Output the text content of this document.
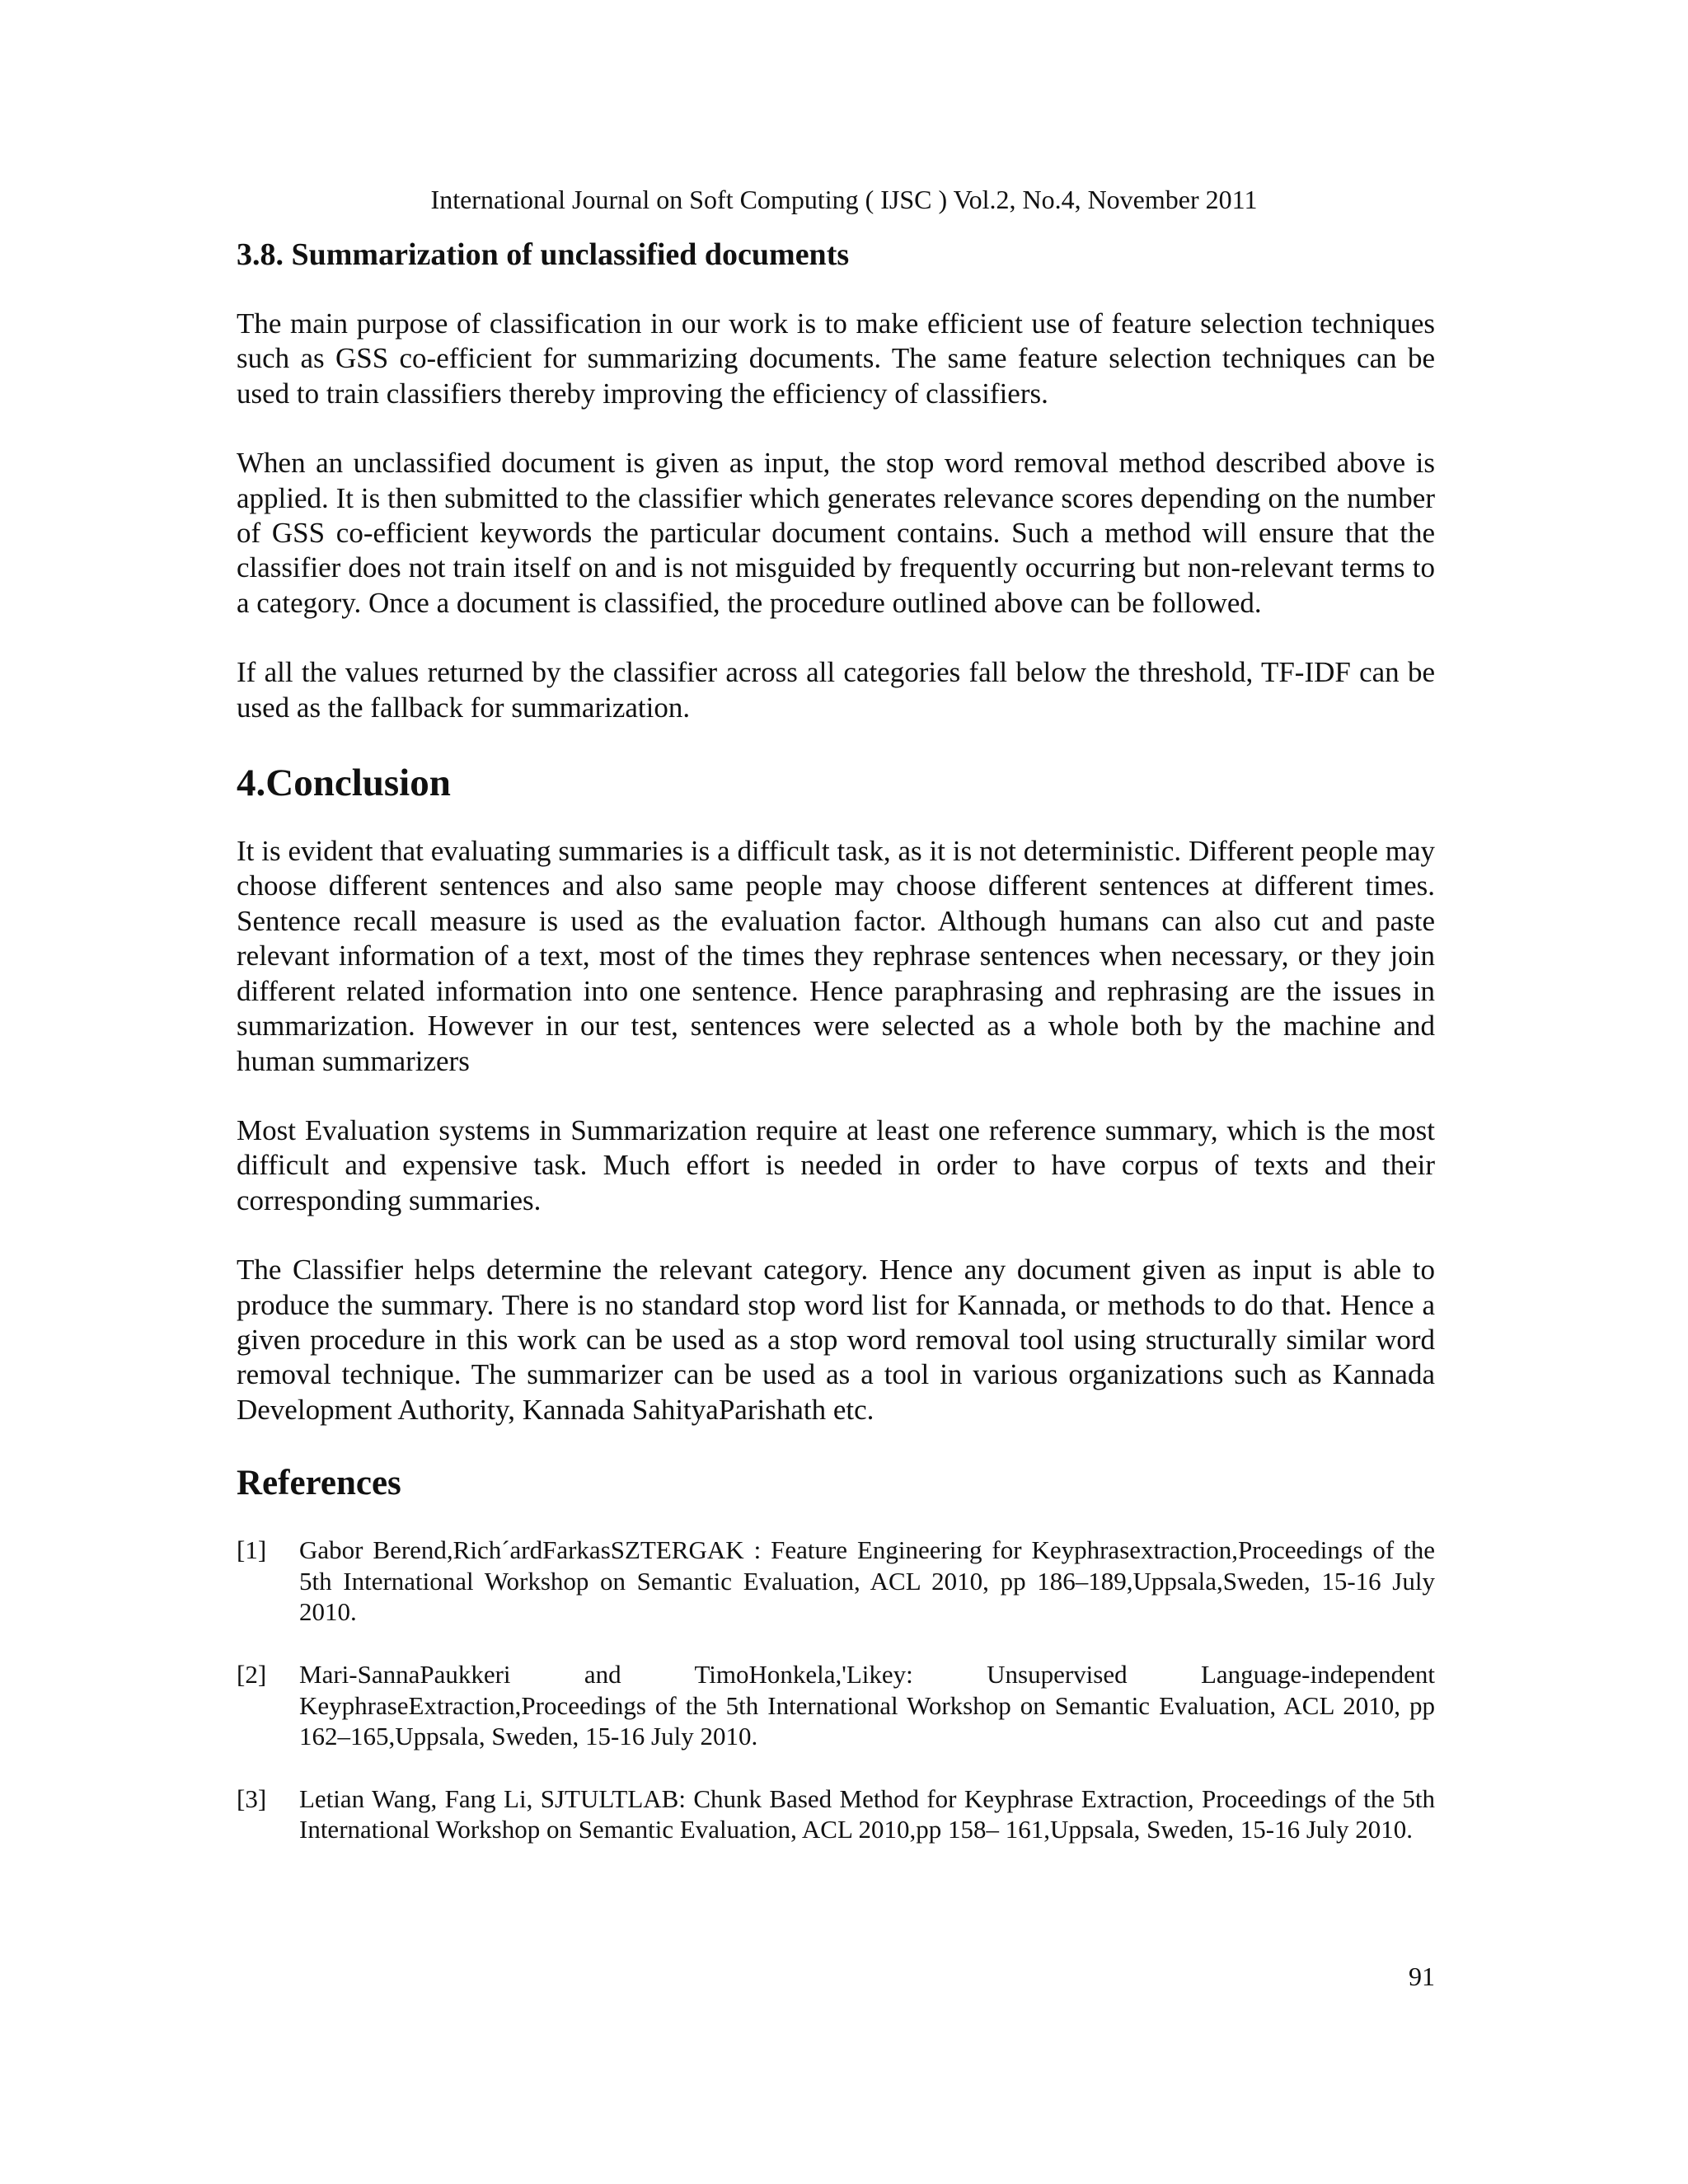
International Journal on Soft Computing ( IJSC ) Vol.2, No.4, November 2011
3.8. Summarization of unclassified documents

The main purpose of classification in our work is to make efficient use of feature selection techniques such as GSS co-efficient for summarizing documents. The same feature selection techniques can be used to train classifiers thereby improving the efficiency of classifiers.

When an unclassified document is given as input, the stop word removal method described above is applied. It is then submitted to the classifier which generates relevance scores depending on the number of GSS co-efficient keywords the particular document contains. Such a method will ensure that the classifier does not train itself on and is not misguided by frequently occurring but non-relevant terms to a category. Once a document is classified, the procedure outlined above can be followed.

If all the values returned by the classifier across all categories fall below the threshold, TF-IDF can be used as the fallback for summarization.

4.Conclusion

It is evident that evaluating summaries is a difficult task, as it is not deterministic. Different people may choose different sentences and also same people may choose different sentences at different times. Sentence recall measure is used as the evaluation factor. Although humans can also cut and paste relevant information of a text, most of the times they rephrase sentences when necessary, or they join different related information into one sentence. Hence paraphrasing and rephrasing are the issues in summarization. However in our test, sentences were selected as a whole both by the machine and human summarizers

Most Evaluation systems in Summarization require at least one reference summary, which is the most difficult and expensive task. Much effort is needed in order to have corpus of texts and their corresponding summaries.

The Classifier helps determine the relevant category. Hence any document given as input is able to produce the summary. There is no standard stop word list for Kannada, or methods to do that. Hence a given procedure in this work can be used as a stop word removal tool using structurally similar word removal technique. The summarizer can be used as a tool in various organizations such as Kannada Development Authority, Kannada SahityaParishath etc.

References
[1]	Gabor Berend,Rich´ardFarkasSZTERGAK : Feature Engineering for Keyphrasextraction,Proceedings of the 5th International Workshop on Semantic Evaluation, ACL 2010, pp 186–189,Uppsala,Sweden, 15-16 July 2010.
[2]	Mari-SannaPaukkeri and TimoHonkela,'Likey: Unsupervised Language-independent KeyphraseExtraction,Proceedings of the 5th International Workshop on Semantic Evaluation, ACL 2010, pp 162–165,Uppsala, Sweden, 15-16 July 2010.
[3]	Letian Wang, Fang Li, SJTULTLAB: Chunk Based Method for Keyphrase Extraction, Proceedings of the 5th International Workshop on Semantic Evaluation, ACL 2010,pp 158– 161,Uppsala, Sweden, 15-16 July 2010.
91
